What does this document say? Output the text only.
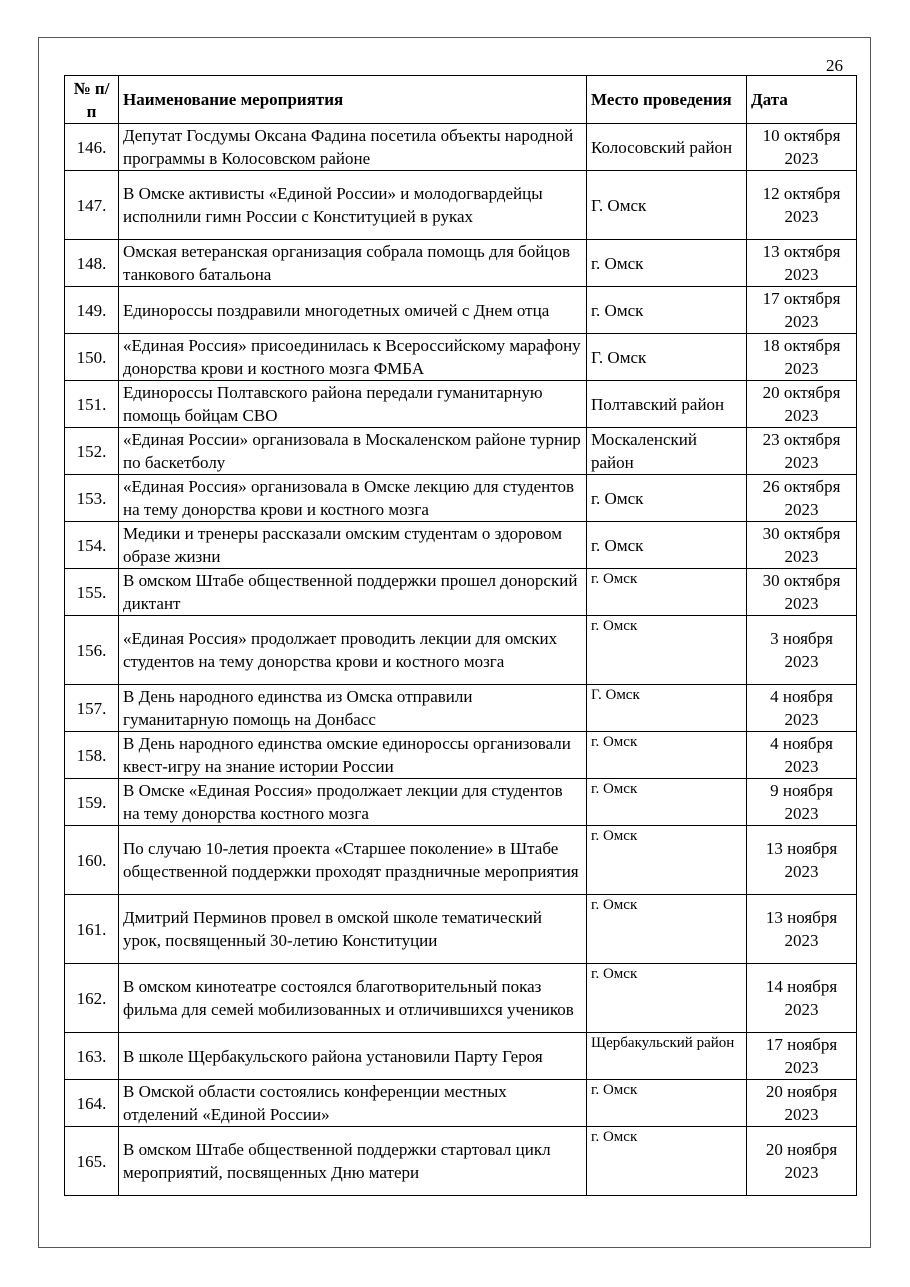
26
№ п/п	Наименование мероприятия	Место проведения	Дата
146.	Депутат Госдумы Оксана Фадина посетила объекты народной программы в Колосовском районе	Колосовский район	10 октября 2023
147.	В Омске активисты «Единой России» и молодогвардейцы исполнили гимн России с Конституцией в руках	Г. Омск	12 октября 2023
148.	Омская ветеранская организация собрала помощь для бойцов танкового батальона	г. Омск	13 октября 2023
149.	Единороссы поздравили многодетных омичей с Днем отца	г. Омск	17 октября 2023
150.	«Единая Россия» присоединилась к Всероссийскому марафону донорства крови и костного мозга ФМБА	Г. Омск	18 октября 2023
151.	Единороссы Полтавского района передали гуманитарную помощь бойцам СВО	Полтавский район	20 октября 2023
152.	«Единая России» организовала в Москаленском районе турнир по баскетболу	Москаленский район	23 октября 2023
153.	«Единая Россия» организовала в Омске лекцию для студентов на тему донорства крови и костного мозга	г. Омск	26 октября 2023
154.	Медики и тренеры рассказали омским студентам о здоровом образе жизни	г. Омск	30 октября 2023
155.	В омском Штабе общественной поддержки прошел донорский диктант	г. Омск	30 октября 2023
156.	«Единая Россия» продолжает проводить лекции для омских студентов на тему донорства крови и костного мозга	г. Омск	3 ноября 2023
157.	В День народного единства из Омска отправили гуманитарную помощь на Донбасс	Г. Омск	4 ноября 2023
158.	В День народного единства омские единороссы организовали квест-игру на знание истории России	г. Омск	4 ноября 2023
159.	В Омске «Единая Россия» продолжает лекции для студентов на тему донорства костного мозга	г. Омск	9 ноября 2023
160.	По случаю 10-летия проекта «Старшее поколение» в Штабе общественной поддержки проходят праздничные мероприятия	г. Омск	13 ноября 2023
161.	Дмитрий Перминов провел в омской школе тематический урок, посвященный 30-летию Конституции	г. Омск	13 ноября 2023
162.	В омском кинотеатре состоялся благотворительный показ фильма для семей мобилизованных и отличившихся учеников	г. Омск	14 ноября 2023
163.	В школе Щербакульского района установили Парту Героя	Щербакульский район	17 ноября 2023
164.	В Омской области состоялись конференции местных отделений «Единой России»	г. Омск	20 ноября 2023
165.	В омском Штабе общественной поддержки стартовал цикл мероприятий, посвященных Дню матери	г. Омск	20 ноября 2023
